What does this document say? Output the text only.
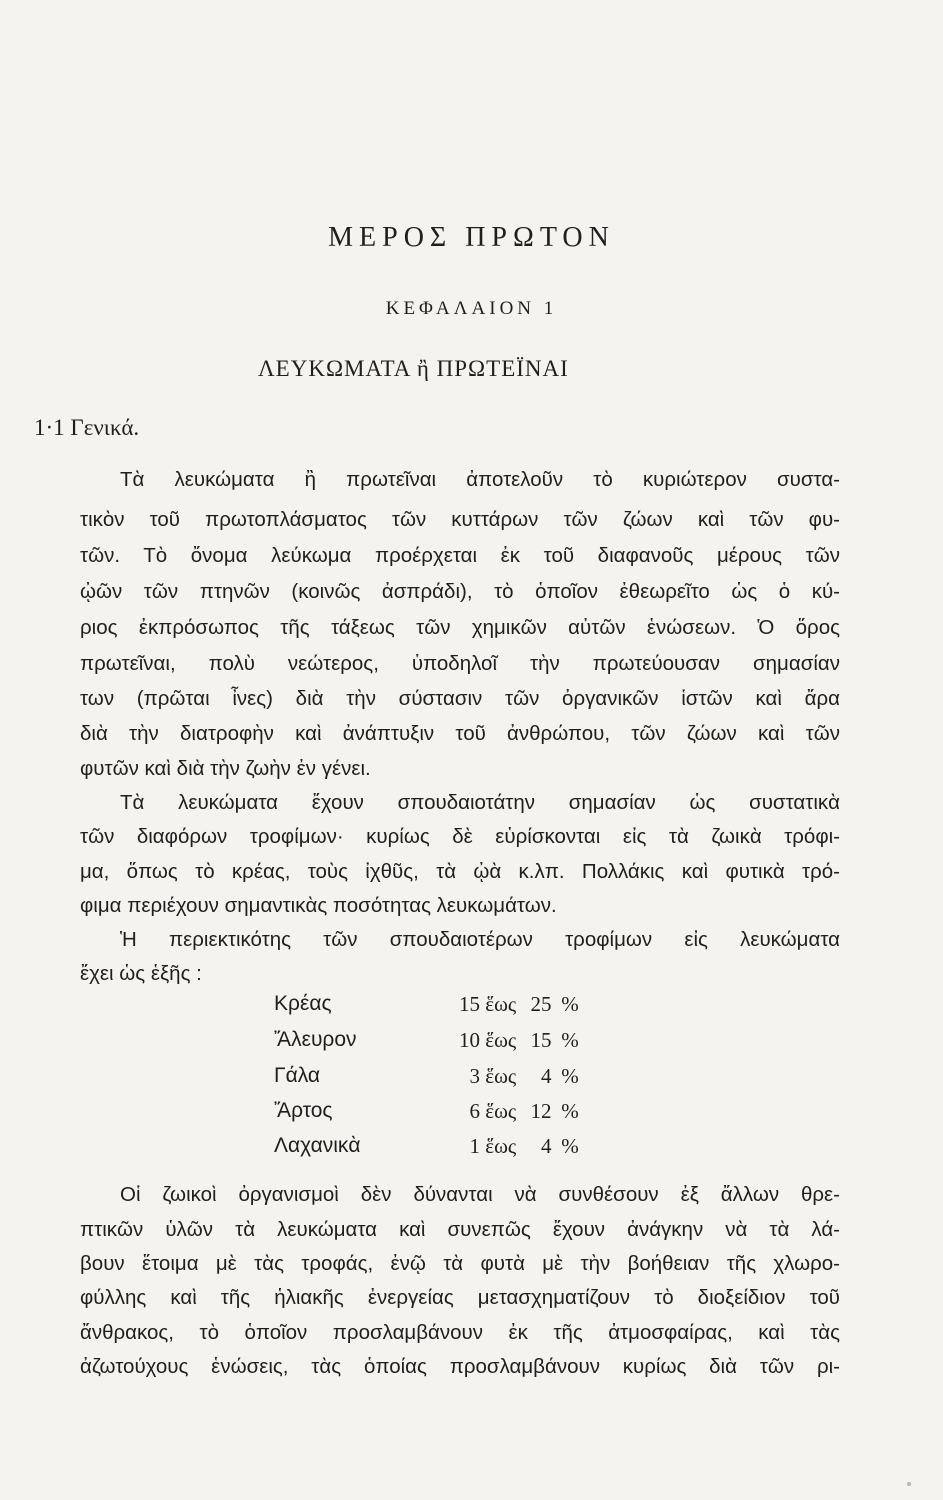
ΜΕΡΟΣ ΠΡΩΤΟΝ
ΚΕΦΑΛΑΙΟΝ 1
ΛΕΥΚΩΜΑΤΑ ἢ ΠΡΩΤΕΪΝΑΙ
1·1 Γενικά.
Τὰ λευκώματα ἢ πρωτεῖναι ἀποτελοῦν τὸ κυριώτερον συστα-
τικὸν τοῦ πρωτοπλάσματος τῶν κυττάρων τῶν ζώων καὶ τῶν φυ-
τῶν. Τὸ ὄνομα λεύκωμα προέρχεται ἐκ τοῦ διαφανοῦς μέρους τῶν
ᾠῶν τῶν πτηνῶν (κοινῶς ἀσπράδι), τὸ ὁποῖον ἐθεωρεῖτο ὡς ὁ κύ-
ριος ἐκπρόσωπος τῆς τάξεως τῶν χημικῶν αὐτῶν ἑνώσεων. Ὁ ὅρος
πρωτεῖναι, πολὺ νεώτερος, ὑποδηλοῖ τὴν πρωτεύουσαν σημασίαν
των (πρῶται ἶνες) διὰ τὴν σύστασιν τῶν ὀργανικῶν ἱστῶν καὶ ἄρα
διὰ τὴν διατροφὴν καὶ ἀνάπτυξιν τοῦ ἀνθρώπου, τῶν ζώων καὶ τῶν
φυτῶν καὶ διὰ τὴν ζωὴν ἐν γένει.
Τὰ λευκώματα ἔχουν σπουδαιοτάτην σημασίαν ὡς συστατικὰ
τῶν διαφόρων τροφίμων· κυρίως δὲ εὑρίσκονται εἰς τὰ ζωικὰ τρόφι-
μα, ὅπως τὸ κρέας, τοὺς ἰχθῦς, τὰ ᾠὰ κ.λπ. Πολλάκις καὶ φυτικὰ τρό-
φιμα περιέχουν σημαντικὰς ποσότητας λευκωμάτων.
Ἡ περιεκτικότης τῶν σπουδαιοτέρων τροφίμων εἰς λευκώματα
ἔχει ὡς ἑξῆς :
Κρέας	15 ἕως 25 %
Ἄλευρον	10 ἕως 15 %
Γάλα	3 ἕως 4 %
Ἄρτος	6 ἕως 12 %
Λαχανικὰ	1 ἕως 4 %
Οἱ ζωικοὶ ὀργανισμοὶ δὲν δύνανται νὰ συνθέσουν ἐξ ἄλλων θρε-
πτικῶν ὑλῶν τὰ λευκώματα καὶ συνεπῶς ἔχουν ἀνάγκην νὰ τὰ λά-
βουν ἕτοιμα μὲ τὰς τροφάς, ἐνῷ τὰ φυτὰ μὲ τὴν βοήθειαν τῆς χλωρο-
φύλλης καὶ τῆς ἡλιακῆς ἐνεργείας μετασχηματίζουν τὸ διοξείδιον τοῦ
ἄνθρακος, τὸ ὁποῖον προσλαμβάνουν ἐκ τῆς ἀτμοσφαίρας, καὶ τὰς
ἀζωτούχους ἑνώσεις, τὰς ὁποίας προσλαμβάνουν κυρίως διὰ τῶν ρι-
